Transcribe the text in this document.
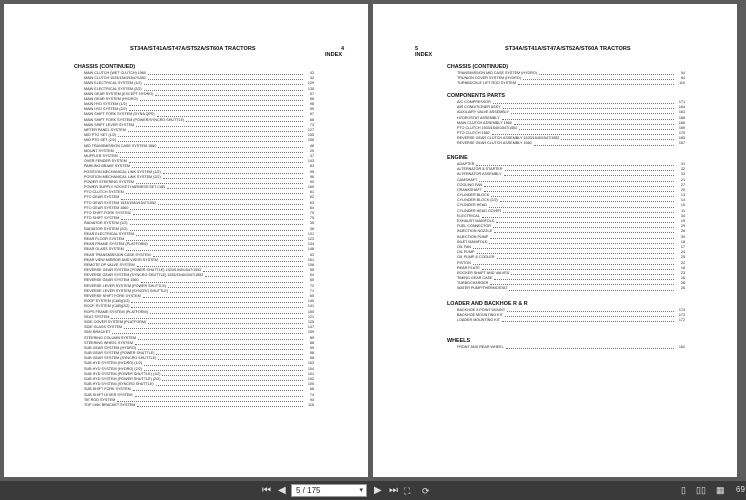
ST34A/ST41A/ST47A/ST52A/ST60A TRACTORS	4
INDEX
CHASSIS (CONTINUED)
MAIN CLUTCH (WET CLUTCH) 1560	43
MAIN CLUTCH 1533/1540/1547/1552	42
MAIN ELECTRICAL SYSTEM (1/2)	129
MAIN ELECTRICAL SYSTEM (2/2)	130
MAIN GEAR SYSTEM (EXCEPT HYDRO)	57
MAIN GEAR SYSTEM (HYDRO)	56
MAIN HYD SYSTEM (1/2)	98
MAIN HYD SYSTEM (2/2)	99
MAIN SHIFT FORK SYSTEM (DYNA QPS)	67
MAIN SHIFT FORK SYSTEM (POWER/SYNCRO SHUTTLE)	66
MAIN SHIFT LEVER SYSTEM	73
METER PANEL SYSTEM	127
MID PTO SET (1/2)	155
MID PTO SET (2/2)	156
MID TRANSMISSION CASE SYSTEM 1560	46
MOUNT SYSTEM	25
MUFFLER SYSTEM	37
OVER FENDER SYSTEM	143
PARKING BRAKE SYSTEM	83
POSITION MECHANICAL LINK SYSTEM (1/2)	95
POSITION MECHANICAL LINK SYSTEM (2/2)	96
POWER STEERING SYSTEM	90
POWER SUPPLY SOCKET HARNESS SET CAB	160
PTO CLUTCH SYSTEM	61
PTO GEAR SYSTEM	62
PTO GEAR SYSTEM 1533/1540/1547/1552	63
PTO GEAR SYSTEM 1560	64
PTO SHIFT FORK SYSTEM	70
PTO SHIFT SYSTEM	75
RADIATOR SYSTEM (1/2)	35
RADIATOR SYSTEM (2/2)	36
REAR ELECTRICAL SYSTEM	131
REAR FLOOR SYSTEM	123
REAR FRAME SYSTEM (PLATFORM)	144
REAR GLASS SYSTEM	148
REAR TRANSMISSION CASE SYSTEM	53
REAR VIEW MIRROR AND VISOR SYSTEM	161
REMOTE OP VALVE SYSTEM	108
REVERSE GEAR SYSTEM (POWER SHUTTLE) 1533/1540/1547/1552	55
REVERSE GEAR SYSTEM (SYNCRO SHUTTLE) 1533/1540/1547/1552	54
REVERSE GEAR SYSTEM 1560	60
REVERSE LEVER SYSTEM (POWER SHUTTLE)	72
REVERSE LEVER SYSTEM (SYNCRO SHUTTLE)	71
REVERSE SHIFT FORK SYSTEM	65
ROOF SYSTEM (CAB)(1/2)	140
ROOF SYSTEM (CAB)(2/2)	141
ROPS FRAME SYSTEM (PLATFORM)	150
SEAT SYSTEM	121
SIDE COVER SYSTEM (PLATFORM)	125
SIDE GLASS SYSTEM	147
SMV BRACKET	159
STEERING COLUMN SYSTEM	89
STEERING WHEEL SYSTEM	88
SUB GEAR SYSTEM (HYDRO)	59
SUB GEAR SYSTEM (POWER SHUTTLE)	58
SUB GEAR SYSTEM (SYNCRO SHUTTLE)	58
SUB HYD SYSTEM (HYDRO) (1/2)	103
SUB HYD SYSTEM (HYDRO) (2/2)	104
SUB HYD SYSTEM (POWER SHUTTLE) (1/2)	101
SUB HYD SYSTEM (POWER SHUTTLE) (2/2)	102
SUB HYD SYSTEM (SYNCRO SHUTTLE)	100
SUB SHIFT FORK SYSTEM	68
SUB SHIFT LEVER SYSTEM	74
TIE ROD SYSTEM	94
TOP LINK BRACKET SYSTEM	116
5
INDEX
ST34A/ST41A/ST47A/ST52A/ST60A TRACTORS
CHASSIS (CONTINUED)
TRANSMISSION MID CASE SYSTEM (HYDRO)	54
TRUNION COVER SYSTEM (HYDRO)	84
TURNBUCKLE LIFT ROD SYSTEM	110
COMPONENTS PARTS
A/C COMPRESSOR	171
AIR CONDITIONER ASSY	164
AUXILIARY VALVE ASSEMBLY	163
HYDROSTAT ASSEMBLY	168
MAIN CLUTCH ASSEMBLY 1560	166
PTO CLUTCH 1533/1540/1547/1552	169
PTO CLUTCH 1560	170
REVERSE GEAR CLUTCH ASSEMBLY 1533/1540/1547/1552	165
REVERSE GEAR CLUTCH ASSEMBLY 1560	167
ENGINE
ADAPTER	31
ALTERNATOR & STARTER	32
ALTERNATOR ASSEMBLY	33
CAMSHAFT	21
COOLING FAN	27
CRANKSHAFT	20
CYLINDER BLOCK	13
CYLINDER BLOCK (2/2)	14
CYLINDER HEAD	15
CYLINDER HEAD COVER	11
ELECTRICAL	34
EXHAUST MANIFOLD	19
FUEL CONNECTOR	29
INJECTION NOZZLE	26
INJECTION PUMP	30
INLET MANIFOLD	18
OIL FAN	17
OIL PUMP	24
OIL PUMP & COOLER	25
PISTON	22
REAR PLATE	18
ROCKER SHAFT AND VALVES	23
TIMING GEAR CASE	16
TURBOCHARGER	28
WATER PUMP/THERMOSTAT	26
LOADER AND BACKHOE R & R
BACKHOE 3-POINT MOUNT	174
BACKHOE MOUNTING KIT	173
LOADER MOUNTING KIT	172
WHEELS
FRONT AND REAR WHEEL	162
⏮ ◀	5 / 175	▾ ▶ ⏭ ⛶ ⟳	▯ ▯▯ ▦ 69
